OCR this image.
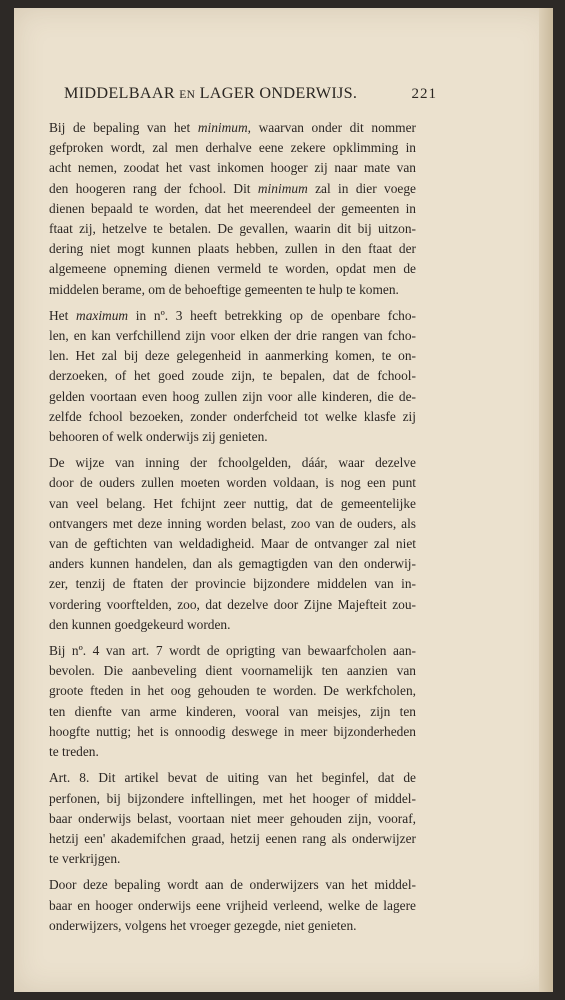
MIDDELBAAR EN LAGER ONDERWIJS.	221
Bij de bepaling van het minimum, waarvan onder dit nommer
gefproken wordt, zal men derhalve eene zekere opklimming in
acht nemen, zoodat het vast inkomen hooger zij naar mate van
den hoogeren rang der fchool. Dit minimum zal in dier voege
dienen bepaald te worden, dat het meerendeel der gemeenten in
ftaat zij, hetzelve te betalen. De gevallen, waarin dit bij uitzon-
dering niet mogt kunnen plaats hebben, zullen in den ftaat der
algemeene opneming dienen vermeld te worden, opdat men de
middelen berame, om de behoeftige gemeenten te hulp te komen.
Het maximum in nº. 3 heeft betrekking op de openbare fcho-
len, en kan verfchillend zijn voor elken der drie rangen van fcho-
len. Het zal bij deze gelegenheid in aanmerking komen, te on-
derzoeken, of het goed zoude zijn, te bepalen, dat de fchool-
gelden voortaan even hoog zullen zijn voor alle kinderen, die de-
zelfde fchool bezoeken, zonder onderfcheid tot welke klasfe zij
behooren of welk onderwijs zij genieten.
De wijze van inning der fchoolgelden, dáár, waar dezelve
door de ouders zullen moeten worden voldaan, is nog een punt
van veel belang. Het fchijnt zeer nuttig, dat de gemeentelijke
ontvangers met deze inning worden belast, zoo van de ouders, als
van de geftichten van weldadigheid. Maar de ontvanger zal niet
anders kunnen handelen, dan als gemagtigden van den onderwij-
zer, tenzij de ftaten der provincie bijzondere middelen van in-
vordering voorftelden, zoo, dat dezelve door Zijne Majefteit zou-
den kunnen goedgekeurd worden.
Bij nº. 4 van art. 7 wordt de oprigting van bewaarfcholen aan-
bevolen. Die aanbeveling dient voornamelijk ten aanzien van
groote fteden in het oog gehouden te worden. De werkfcholen,
ten dienfte van arme kinderen, vooral van meisjes, zijn ten
hoogfte nuttig; het is onnoodig deswege in meer bijzonderheden
te treden.
Art. 8. Dit artikel bevat de uiting van het beginfel, dat de
perfonen, bij bijzondere inftellingen, met het hooger of middel-
baar onderwijs belast, voortaan niet meer gehouden zijn, vooraf,
hetzij een' akademifchen graad, hetzij eenen rang als onderwijzer
te verkrijgen.
Door deze bepaling wordt aan de onderwijzers van het middel-
baar en hooger onderwijs eene vrijheid verleend, welke de lagere
onderwijzers, volgens het vroeger gezegde, niet genieten.
